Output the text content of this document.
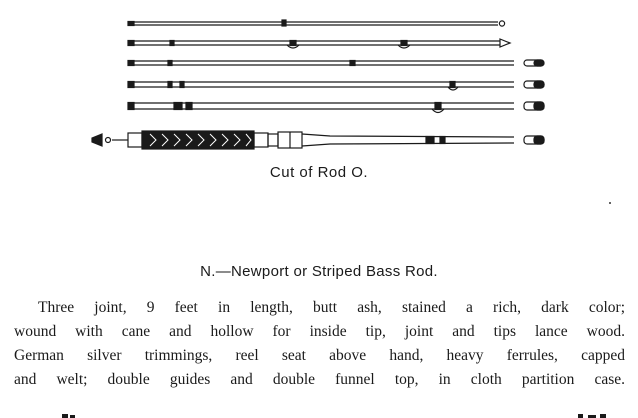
Cut of Rod O.
N.—Newport or Striped Bass Rod.
Three joint, 9 feet in length, butt ash, stained a rich, dark color;
wound with cane and hollow for inside tip, joint and tips lance wood.
German silver trimmings, reel seat above hand, heavy ferrules, capped
and welt; double guides and double funnel top, in cloth partition case.
